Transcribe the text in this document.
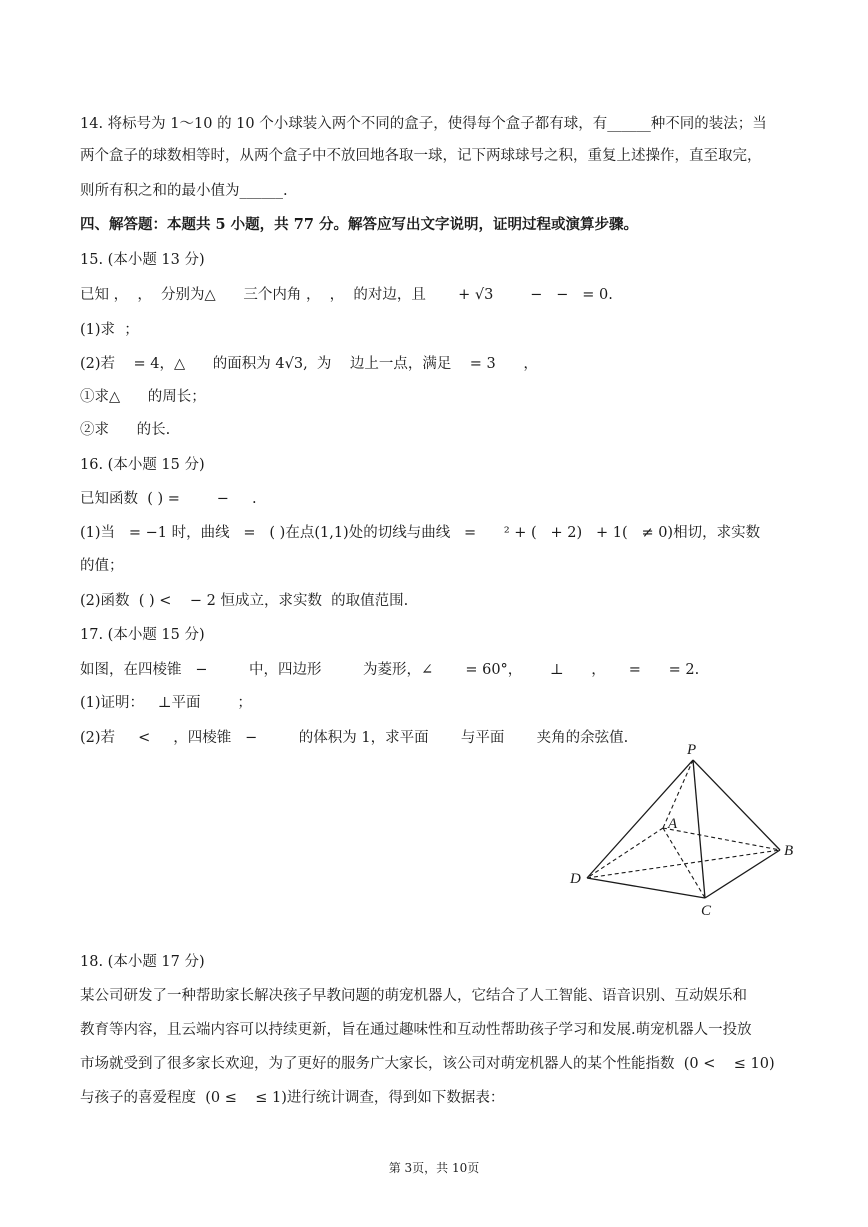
14. 将标号为 1～10 的 10 个小球装入两个不同的盒子，使得每个盒子都有球，有______种不同的装法；当
两个盒子的球数相等时，从两个盒子中不放回地各取一球，记下两球球号之积，重复上述操作，直至取完，
则所有积之和的最小值为______.
四、解答题：本题共 5 小题，共 77 分。解答应写出文字说明，证明过程或演算步骤。
15. (本小题 13 分)
已知 ，  ，  分别为△      三个内角 ，  ，  的对边，且       + √3        −   −   = 0.
(1)求  ；
(2)若    = 4，△      的面积为 4√3,  为    边上一点，满足    = 3      ，
①求△      的周长；
②求      的长.
16. (本小题 15 分)
已知函数  ( ) =        −     .
(1)当   = −1 时，曲线   =   ( )在点(1,1)处的切线与曲线   =      ² + (   + 2)   + 1(   ≠ 0)相切，求实数
的值；
(2)函数  ( ) <    − 2 恒成立，求实数  的取值范围.
17. (本小题 15 分)
如图，在四棱锥   −         中，四边形         为菱形，∠       = 60°，      ⊥      ，     =      = 2.
(1)证明：   ⊥平面        ；
(2)若     <     ，四棱锥   −         的体积为 1，求平面       与平面       夹角的余弦值.
P
A
B
C
D
18. (本小题 17 分)
某公司研发了一种帮助家长解决孩子早教问题的萌宠机器人，它结合了人工智能、语音识别、互动娱乐和
教育等内容，且云端内容可以持续更新，旨在通过趣味性和互动性帮助孩子学习和发展.萌宠机器人一投放
市场就受到了很多家长欢迎，为了更好的服务广大家长，该公司对萌宠机器人的某个性能指数  (0 <    ≤ 10)
与孩子的喜爱程度  (0 ≤    ≤ 1)进行统计调查，得到如下数据表：
第 3页，共 10页
